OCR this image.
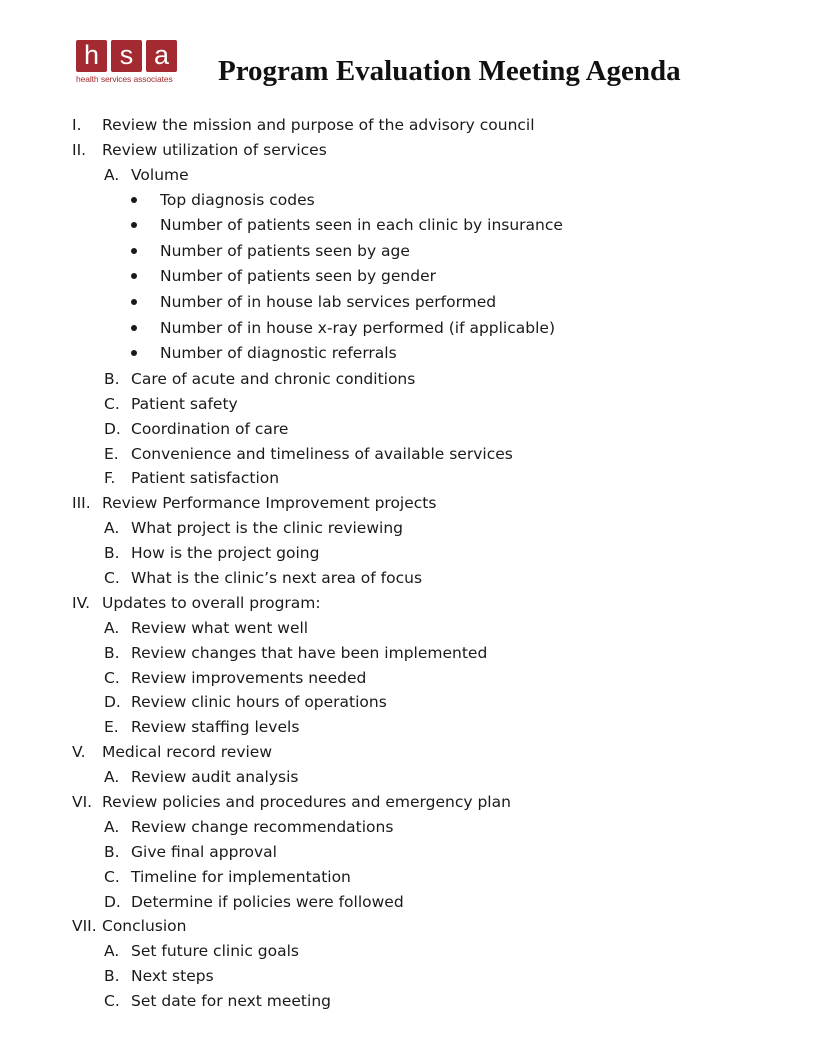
h s a
health services associates Program Evaluation Meeting Agenda
I. Review the mission and purpose of the advisory council
II. Review utilization of services
A. Volume
Top diagnosis codes
Number of patients seen in each clinic by insurance
Number of patients seen by age
Number of patients seen by gender
Number of in house lab services performed
Number of in house x-ray performed (if applicable)
Number of diagnostic referrals
B. Care of acute and chronic conditions
C. Patient safety
D. Coordination of care
E. Convenience and timeliness of available services
F. Patient satisfaction
III. Review Performance Improvement projects
A. What project is the clinic reviewing
B. How is the project going
C. What is the clinic’s next area of focus
IV. Updates to overall program:
A. Review what went well
B. Review changes that have been implemented
C. Review improvements needed
D. Review clinic hours of operations
E. Review staffing levels
V. Medical record review
A. Review audit analysis
VI. Review policies and procedures and emergency plan
A. Review change recommendations
B. Give final approval
C. Timeline for implementation
D. Determine if policies were followed
VII. Conclusion
A. Set future clinic goals
B. Next steps
C. Set date for next meeting
